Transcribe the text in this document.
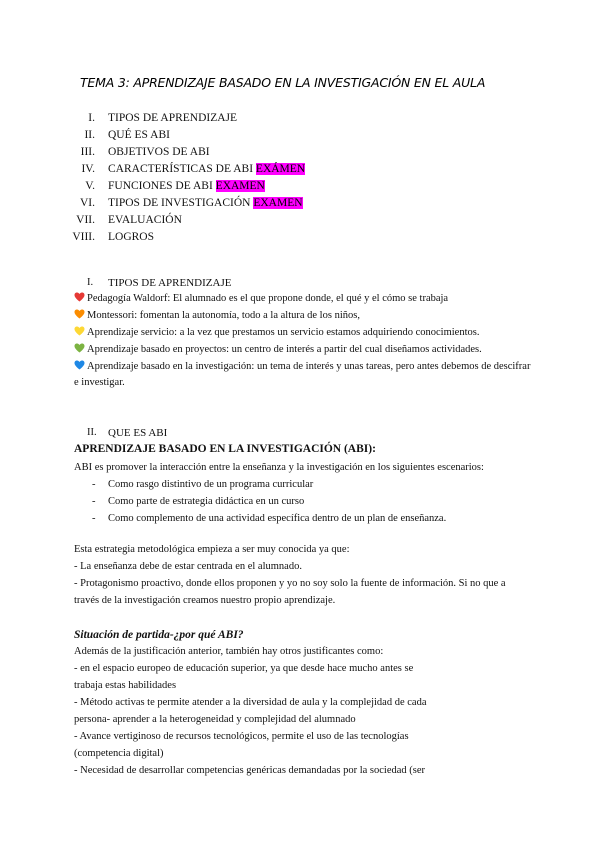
TEMA 3: APRENDIZAJE BASADO EN LA INVESTIGACIÓN EN EL AULA
I. TIPOS DE APRENDIZAJE
II. QUÉ ES ABI
III. OBJETIVOS DE ABI
IV. CARACTERÍSTICAS DE ABI EXÁMEN
V. FUNCIONES DE ABI EXAMEN
VI. TIPOS DE INVESTIGACIÓN EXAMEN
VII. EVALUACIÓN
VIII. LOGROS
I. TIPOS DE APRENDIZAJE
Pedagogía Waldorf: El alumnado es el que propone donde, el qué y el cómo se trabaja
Montessori: fomentan la autonomía, todo a la altura de los niños,
Aprendizaje servicio: a la vez que prestamos un servicio estamos adquiriendo conocimientos.
Aprendizaje basado en proyectos: un centro de interés a partir del cual diseñamos actividades.
Aprendizaje basado en la investigación: un tema de interés y unas tareas, pero antes debemos de descifrar
e investigar.
II. QUE ES ABI
APRENDIZAJE BASADO EN LA INVESTIGACIÓN (ABI):
ABI es promover la interacción entre la enseñanza y la investigación en los siguientes escenarios:
- Como rasgo distintivo de un programa curricular
- Como parte de estrategia didáctica en un curso
- Como complemento de una actividad específica dentro de un plan de enseñanza.
Esta estrategia metodológica empieza a ser muy conocida ya que:
- La enseñanza debe de estar centrada en el alumnado.
- Protagonismo proactivo, donde ellos proponen y yo no soy solo la fuente de información. Si no que a
través de la investigación creamos nuestro propio aprendizaje.
Situación de partida-¿por qué ABI?
Además de la justificación anterior, también hay otros justificantes como:
- en el espacio europeo de educación superior, ya que desde hace mucho antes se
trabaja estas habilidades
- Método activas te permite atender a la diversidad de aula y la complejidad de cada
persona- aprender a la heterogeneidad y complejidad del alumnado
- Avance vertiginoso de recursos tecnológicos, permite el uso de las tecnologías
(competencia digital)
- Necesidad de desarrollar competencias genéricas demandadas por la sociedad (ser
